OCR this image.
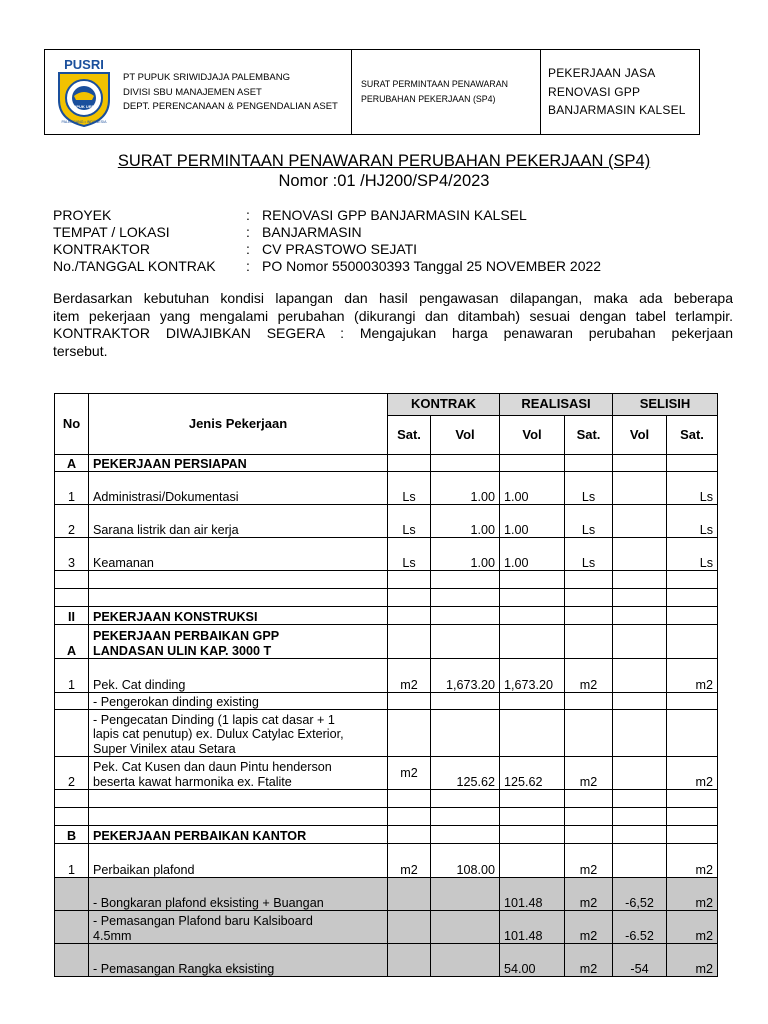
PUSRI
PUPUK UREA
PALEMBANG • INDONESIA
PT PUPUK SRIWIDJAJA PALEMBANG
DIVISI SBU MANAJEMEN ASET
DEPT. PERENCANAAN & PENGENDALIAN ASET
SURAT PERMINTAAN PENAWARAN
PERUBAHAN PEKERJAAN (SP4)
PEKERJAAN JASA
RENOVASI GPP
BANJARMASIN KALSEL
SURAT PERMINTAAN PENAWARAN PERUBAHAN PEKERJAAN (SP4)
Nomor :01 /HJ200/SP4/2023
PROYEK	: RENOVASI GPP BANJARMASIN KALSEL
TEMPAT / LOKASI	: BANJARMASIN
KONTRAKTOR	: CV PRASTOWO SEJATI
No./TANGGAL KONTRAK : PO Nomor 5500030393 Tanggal 25 NOVEMBER 2022
Berdasarkan kebutuhan kondisi lapangan dan hasil pengawasan dilapangan, maka ada beberapa
item pekerjaan yang mengalami perubahan (dikurangi dan ditambah) sesuai dengan tabel terlampir.
KONTRAKTOR DIWAJIBKAN SEGERA : Mengajukan harga penawaran perubahan pekerjaan
tersebut.
No	Jenis Pekerjaan	KONTRAK		REALISASI		SELISIH	
		Sat.	Vol	Vol	Sat.	Vol	Sat.
A	PEKERJAAN PERSIAPAN						
1	Administrasi/Dokumentasi	Ls	1.00	1.00	Ls		Ls
2	Sarana listrik dan air kerja	Ls	1.00	1.00	Ls		Ls
3	Keamanan	Ls	1.00	1.00	Ls		Ls

II	PEKERJAAN KONSTRUKSI						
A	PEKERJAAN PERBAIKAN GPP
LANDASAN ULIN KAP. 3000 T						
1	Pek. Cat dinding	m2	1,673.20	1,673.20	m2		m2
	- Pengerokan dinding existing						
	- Pengecatan Dinding (1 lapis cat dasar + 1
lapis cat penutup) ex. Dulux Catylac Exterior,
Super Vinilex atau Setara						
2	Pek. Cat Kusen dan daun Pintu henderson
beserta kawat harmonika ex. Ftalite	m2	125.62	125.62	m2		m2

B	PEKERJAAN PERBAIKAN KANTOR						
1	Perbaikan plafond	m2	108.00		m2		m2
	- Bongkaran plafond eksisting + Buangan			101.48	m2	-6,52	m2
	- Pemasangan Plafond baru Kalsiboard
4.5mm			101.48	m2	-6.52	m2
	- Pemasangan Rangka eksisting			54.00	m2	-54	m2
